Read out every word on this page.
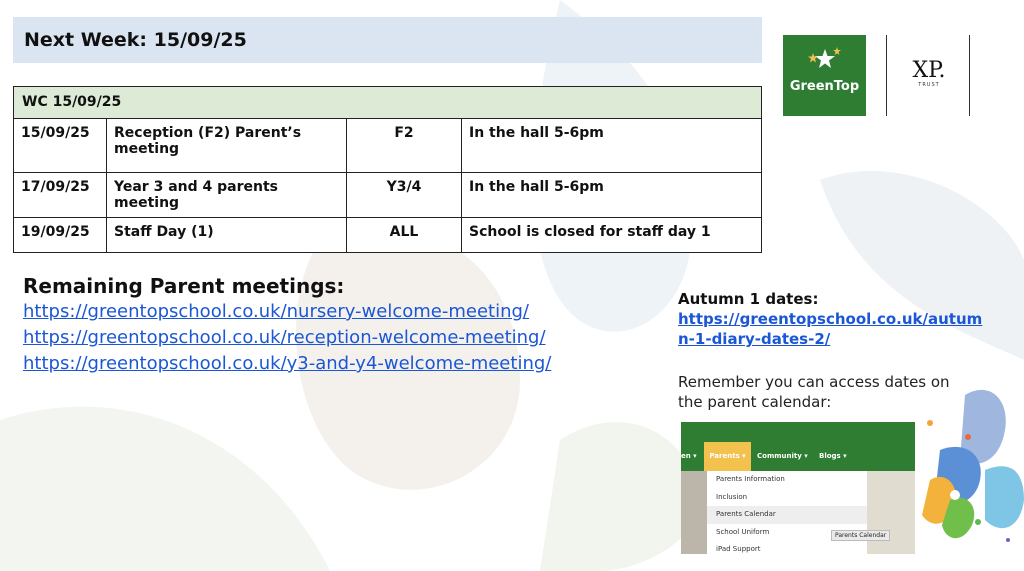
Next Week: 15/09/25
WC 15/09/25			
15/09/25	Reception (F2) Parent’s meeting	F2	In the hall 5-6pm
17/09/25	Year 3 and 4 parents meeting	Y3/4	In the hall 5-6pm
19/09/25	Staff Day (1)	ALL	School is closed for staff day 1
Remaining Parent meetings:
https://greentopschool.co.uk/nursery-welcome-meeting/
https://greentopschool.co.uk/reception-welcome-meeting/
https://greentopschool.co.uk/y3-and-y4-welcome-meeting/
GreenTop
XP.
TRUST
Autumn 1 dates:
https://greentopschool.co.uk/autumn-1-diary-dates-2/
Remember you can access dates on the parent calendar:
en ▾	Parents ▾	Community ▾ Blogs ▾
Parents Information
Inclusion
Parents Calendar
School Uniform
iPad Support
Parents Calendar
